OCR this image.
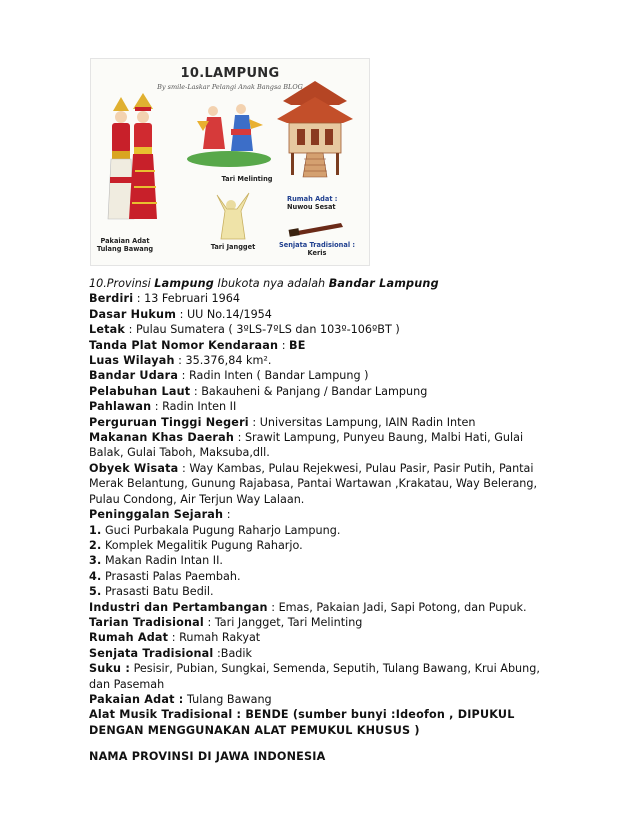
10.LAMPUNG
By smile-Laskar Pelangi Anak Bangsa BLOG
Pakaian Adat
Tulang Bawang
Tari Melinting
Tari Jangget
Rumah Adat :
Nuwou Sesat
Senjata Tradisional :
Keris

10.Provinsi Lampung Ibukota nya adalah Bandar Lampung

Berdiri : 13 Februari 1964

Dasar Hukum : UU No.14/1954

Letak : Pulau Sumatera ( 3ºLS-7ºLS dan 103º-106ºBT )

Tanda Plat Nomor Kendaraan : BE

Luas Wilayah : 35.376,84 km².

Bandar Udara : Radin Inten ( Bandar Lampung )

Pelabuhan Laut : Bakauheni & Panjang / Bandar Lampung

Pahlawan : Radin Inten II

Perguruan Tinggi Negeri : Universitas Lampung, IAIN Radin Inten

Makanan Khas Daerah : Srawit Lampung, Punyeu Baung, Malbi Hati, Gulai Balak, Gulai Taboh, Maksuba,dll.

Obyek Wisata : Way Kambas, Pulau Rejekwesi, Pulau Pasir, Pasir Putih, Pantai Merak Belantung, Gunung Rajabasa, Pantai Wartawan ,Krakatau, Way Belerang, Pulau Condong, Air Terjun Way Lalaan.

Peninggalan Sejarah :

1. Guci Purbakala Pugung Raharjo Lampung.

2. Komplek Megalitik Pugung Raharjo.

3. Makan Radin Intan II.

4. Prasasti Palas Paembah.

5. Prasasti Batu Bedil.

Industri dan Pertambangan : Emas, Pakaian Jadi, Sapi Potong, dan Pupuk.

Tarian Tradisional : Tari Jangget, Tari Melinting

Rumah Adat : Rumah Rakyat

Senjata Tradisional :Badik

Suku : Pesisir, Pubian, Sungkai, Semenda, Seputih, Tulang Bawang, Krui Abung, dan Pasemah

Pakaian Adat : Tulang Bawang

Alat Musik Tradisional : BENDE (sumber bunyi :Ideofon , DIPUKUL DENGAN MENGGUNAKAN ALAT PEMUKUL KHUSUS )

NAMA PROVINSI DI JAWA INDONESIA
